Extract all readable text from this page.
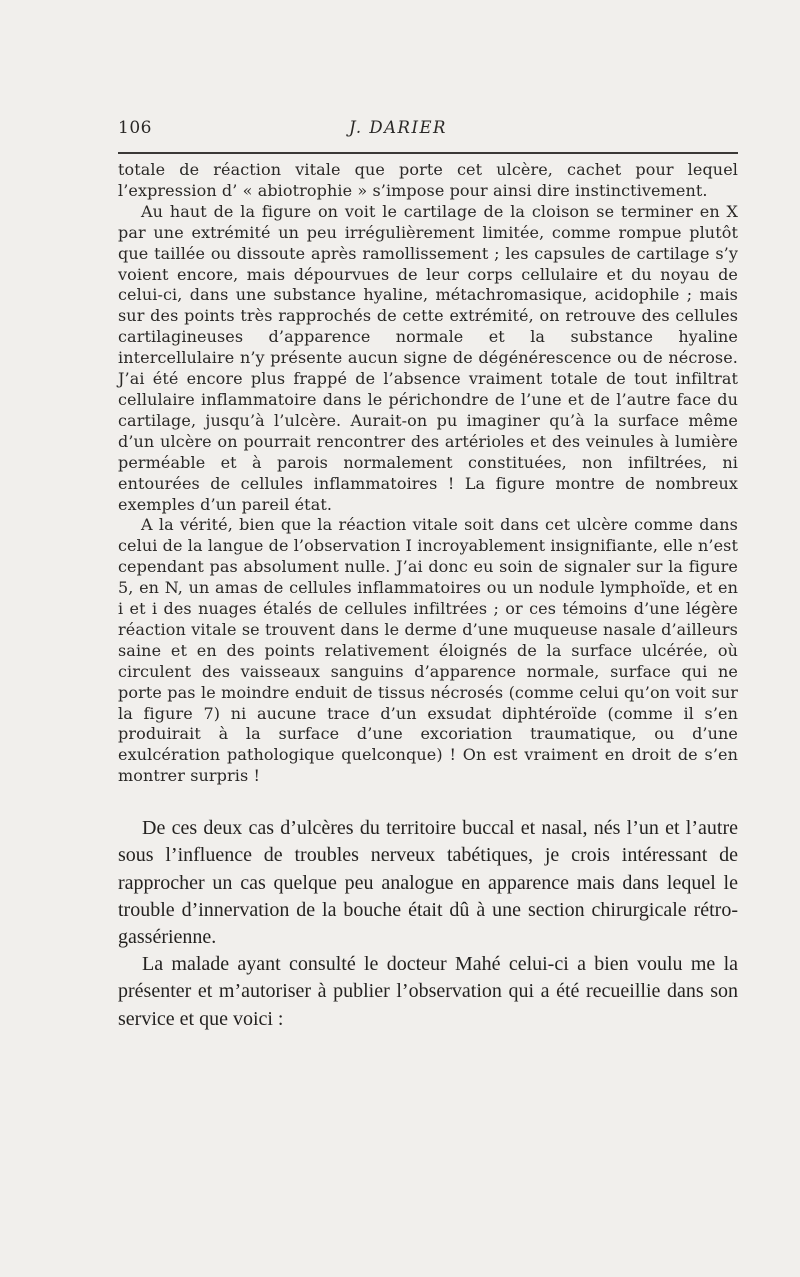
106	J. DARIER

totale de réaction vitale que porte cet ulcère, cachet pour lequel l’expression d’ « abiotrophie » s’impose pour ainsi dire instinctivement.

Au haut de la figure on voit le cartilage de la cloison se terminer en X par une extrémité un peu irrégulièrement limitée, comme rompue plutôt que taillée ou dissoute après ramollissement ; les capsules de cartilage s’y voient encore, mais dépourvues de leur corps cellulaire et du noyau de celui-ci, dans une substance hyaline, métachromasique, acidophile ; mais sur des points très rapprochés de cette extrémité, on retrouve des cellules cartilagineuses d’apparence normale et la substance hyaline intercellulaire n’y présente aucun signe de dégénérescence ou de nécrose. J’ai été encore plus frappé de l’absence vraiment totale de tout infiltrat cellulaire inflammatoire dans le périchondre de l’une et de l’autre face du cartilage, jusqu’à l’ulcère. Aurait-on pu imaginer qu’à la surface même d’un ulcère on pourrait rencontrer des artérioles et des veinules à lumière perméable et à parois normalement constituées, non infiltrées, ni entourées de cellules inflammatoires ! La figure montre de nombreux exemples d’un pareil état.

A la vérité, bien que la réaction vitale soit dans cet ulcère comme dans celui de la langue de l’observation I incroyablement insignifiante, elle n’est cependant pas absolument nulle. J’ai donc eu soin de signaler sur la figure 5, en N, un amas de cellules inflammatoires ou un nodule lymphoïde, et en i et i des nuages étalés de cellules infiltrées ; or ces témoins d’une légère réaction vitale se trouvent dans le derme d’une muqueuse nasale d’ailleurs saine et en des points relativement éloignés de la surface ulcérée, où circulent des vaisseaux sanguins d’apparence normale, surface qui ne porte pas le moindre enduit de tissus nécrosés (comme celui qu’on voit sur la figure 7) ni aucune trace d’un exsudat diphtéroïde (comme il s’en produirait à la surface d’une excoriation traumatique, ou d’une exulcération pathologique quelconque) ! On est vraiment en droit de s’en montrer surpris !

De ces deux cas d’ulcères du territoire buccal et nasal, nés l’un et l’autre sous l’influence de troubles nerveux tabétiques, je crois intéressant de rapprocher un cas quelque peu analogue en apparence mais dans lequel le trouble d’innervation de la bouche était dû à une section chirurgicale rétro-gassérienne.

La malade ayant consulté le docteur Mahé celui-ci a bien voulu me la présenter et m’autoriser à publier l’observation qui a été recueillie dans son service et que voici :
